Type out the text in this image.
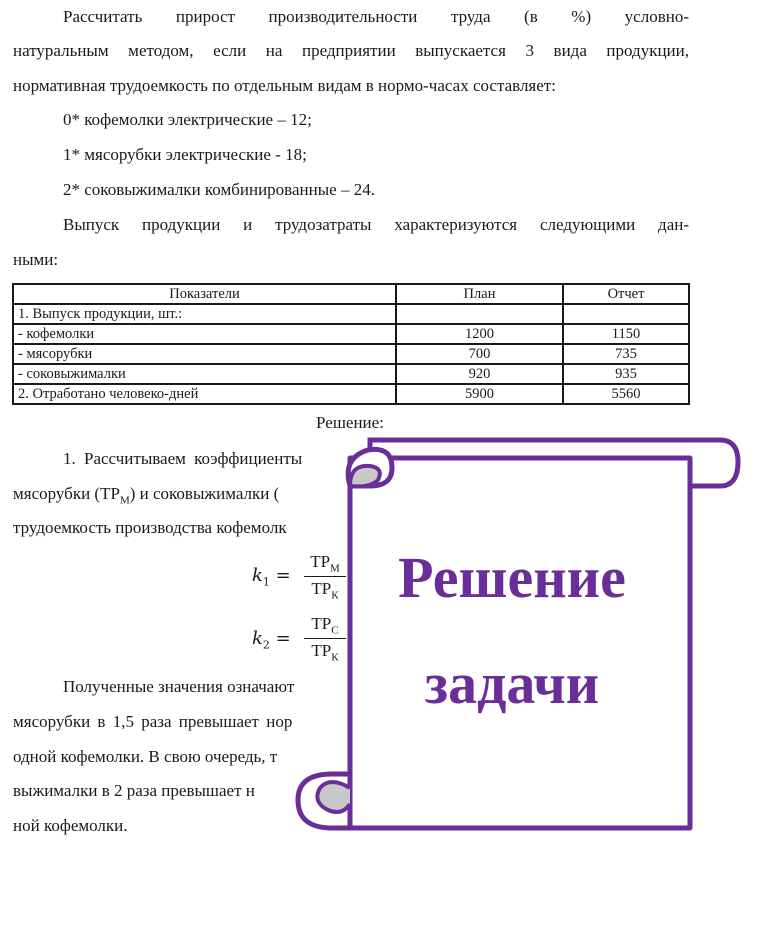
Рассчитать прирост производительности труда (в %) условно-

натуральным методом, если на предприятии выпускается 3 вида продукции,

нормативная трудоемкость по отдельным видам в нормо-часах составляет:

0* кофемолки электрические – 12;

1* мясорубки электрические - 18;

2* соковыжималки комбинированные – 24.

Выпуск продукции и трудозатраты характеризуются следующими дан-

ными:

Показатели	План	Отчет
1. Выпуск продукции, шт.:		
- кофемолки	1200	1150
- мясорубки	700	735
- соковыжималки	920	935
2. Отработано человеко-дней	5900	5560
Решение:

1. Рассчитываем коэффициенты

мясорубки $(ТР_М)$ и соковыжималки (

трудоемкость производства кофемолк

$k_1$ =
$ТР_М$
$ТР_К$
$k_2$ =
$ТР_С$
$ТР_К$

Полученные значения означают

мясорубки в 1,5 раза превышает нор

одной кофемолки. В свою очередь, т

выжималки в 2 раза превышает н

ной кофемолки.

Решение
задачи
